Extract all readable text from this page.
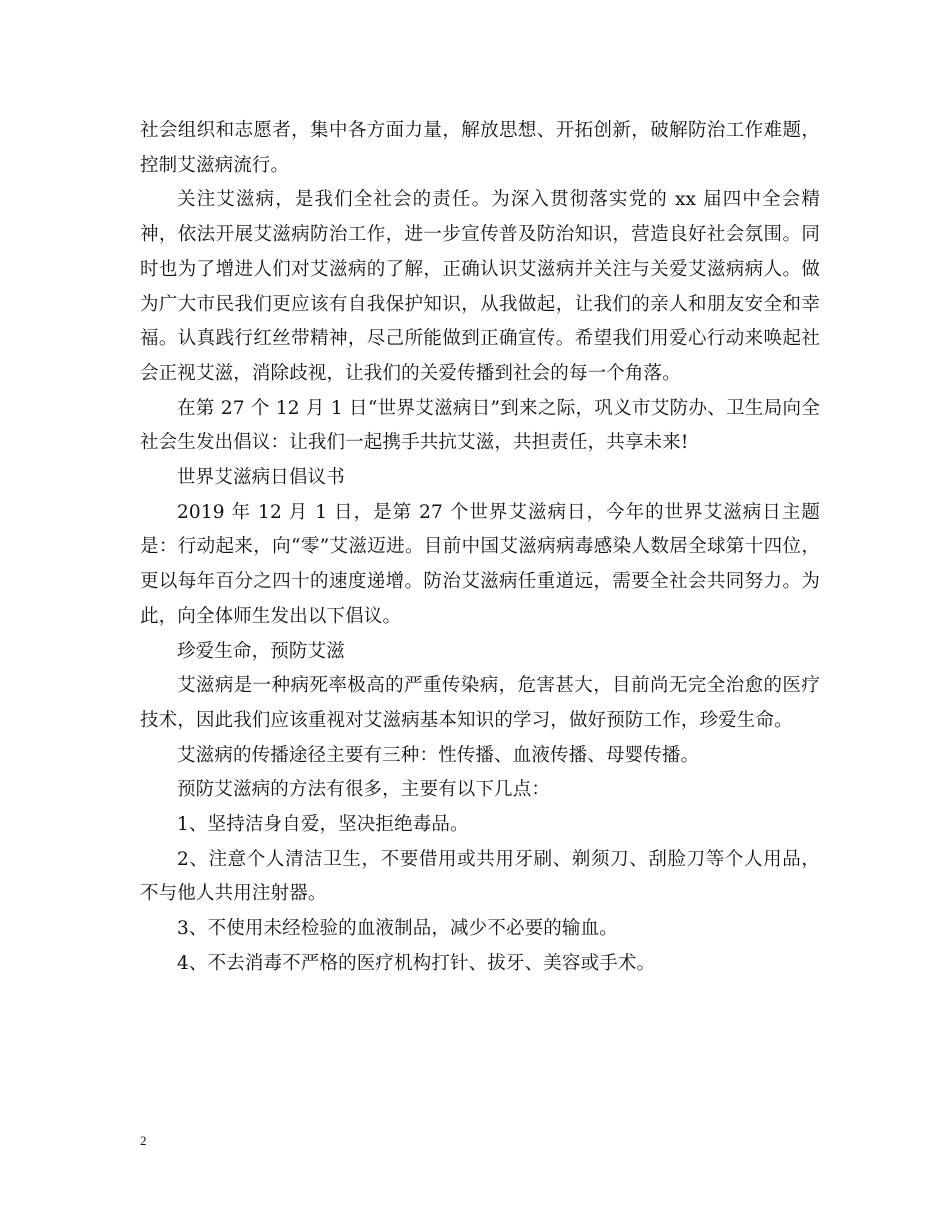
社会组织和志愿者，集中各方面力量，解放思想、开拓创新，破解防治工作难题，控制艾滋病流行。

关注艾滋病，是我们全社会的责任。为深入贯彻落实党的 xx 届四中全会精神，依法开展艾滋病防治工作，进一步宣传普及防治知识，营造良好社会氛围。同时也为了增进人们对艾滋病的了解，正确认识艾滋病并关注与关爱艾滋病病人。做为广大市民我们更应该有自我保护知识，从我做起，让我们的亲人和朋友安全和幸福。认真践行红丝带精神，尽己所能做到正确宣传。希望我们用爱心行动来唤起社会正视艾滋，消除歧视，让我们的关爱传播到社会的每一个角落。

在第 27 个 12 月 1 日“世界艾滋病日”到来之际，巩义市艾防办、卫生局向全社会生发出倡议：让我们一起携手共抗艾滋，共担责任，共享未来!

世界艾滋病日倡议书

2019 年 12 月 1 日，是第 27 个世界艾滋病日，今年的世界艾滋病日主题是：行动起来，向“零”艾滋迈进。目前中国艾滋病病毒感染人数居全球第十四位，更以每年百分之四十的速度递增。防治艾滋病任重道远，需要全社会共同努力。为此，向全体师生发出以下倡议。

珍爱生命，预防艾滋

艾滋病是一种病死率极高的严重传染病，危害甚大，目前尚无完全治愈的医疗技术，因此我们应该重视对艾滋病基本知识的学习，做好预防工作，珍爱生命。

艾滋病的传播途径主要有三种：性传播、血液传播、母婴传播。

预防艾滋病的方法有很多，主要有以下几点：

1、坚持洁身自爱，坚决拒绝毒品。

2、注意个人清洁卫生，不要借用或共用牙刷、剃须刀、刮脸刀等个人用品，不与他人共用注射器。

3、不使用未经检验的血液制品，减少不必要的输血。

4、不去消毒不严格的医疗机构打针、拔牙、美容或手术。

2
